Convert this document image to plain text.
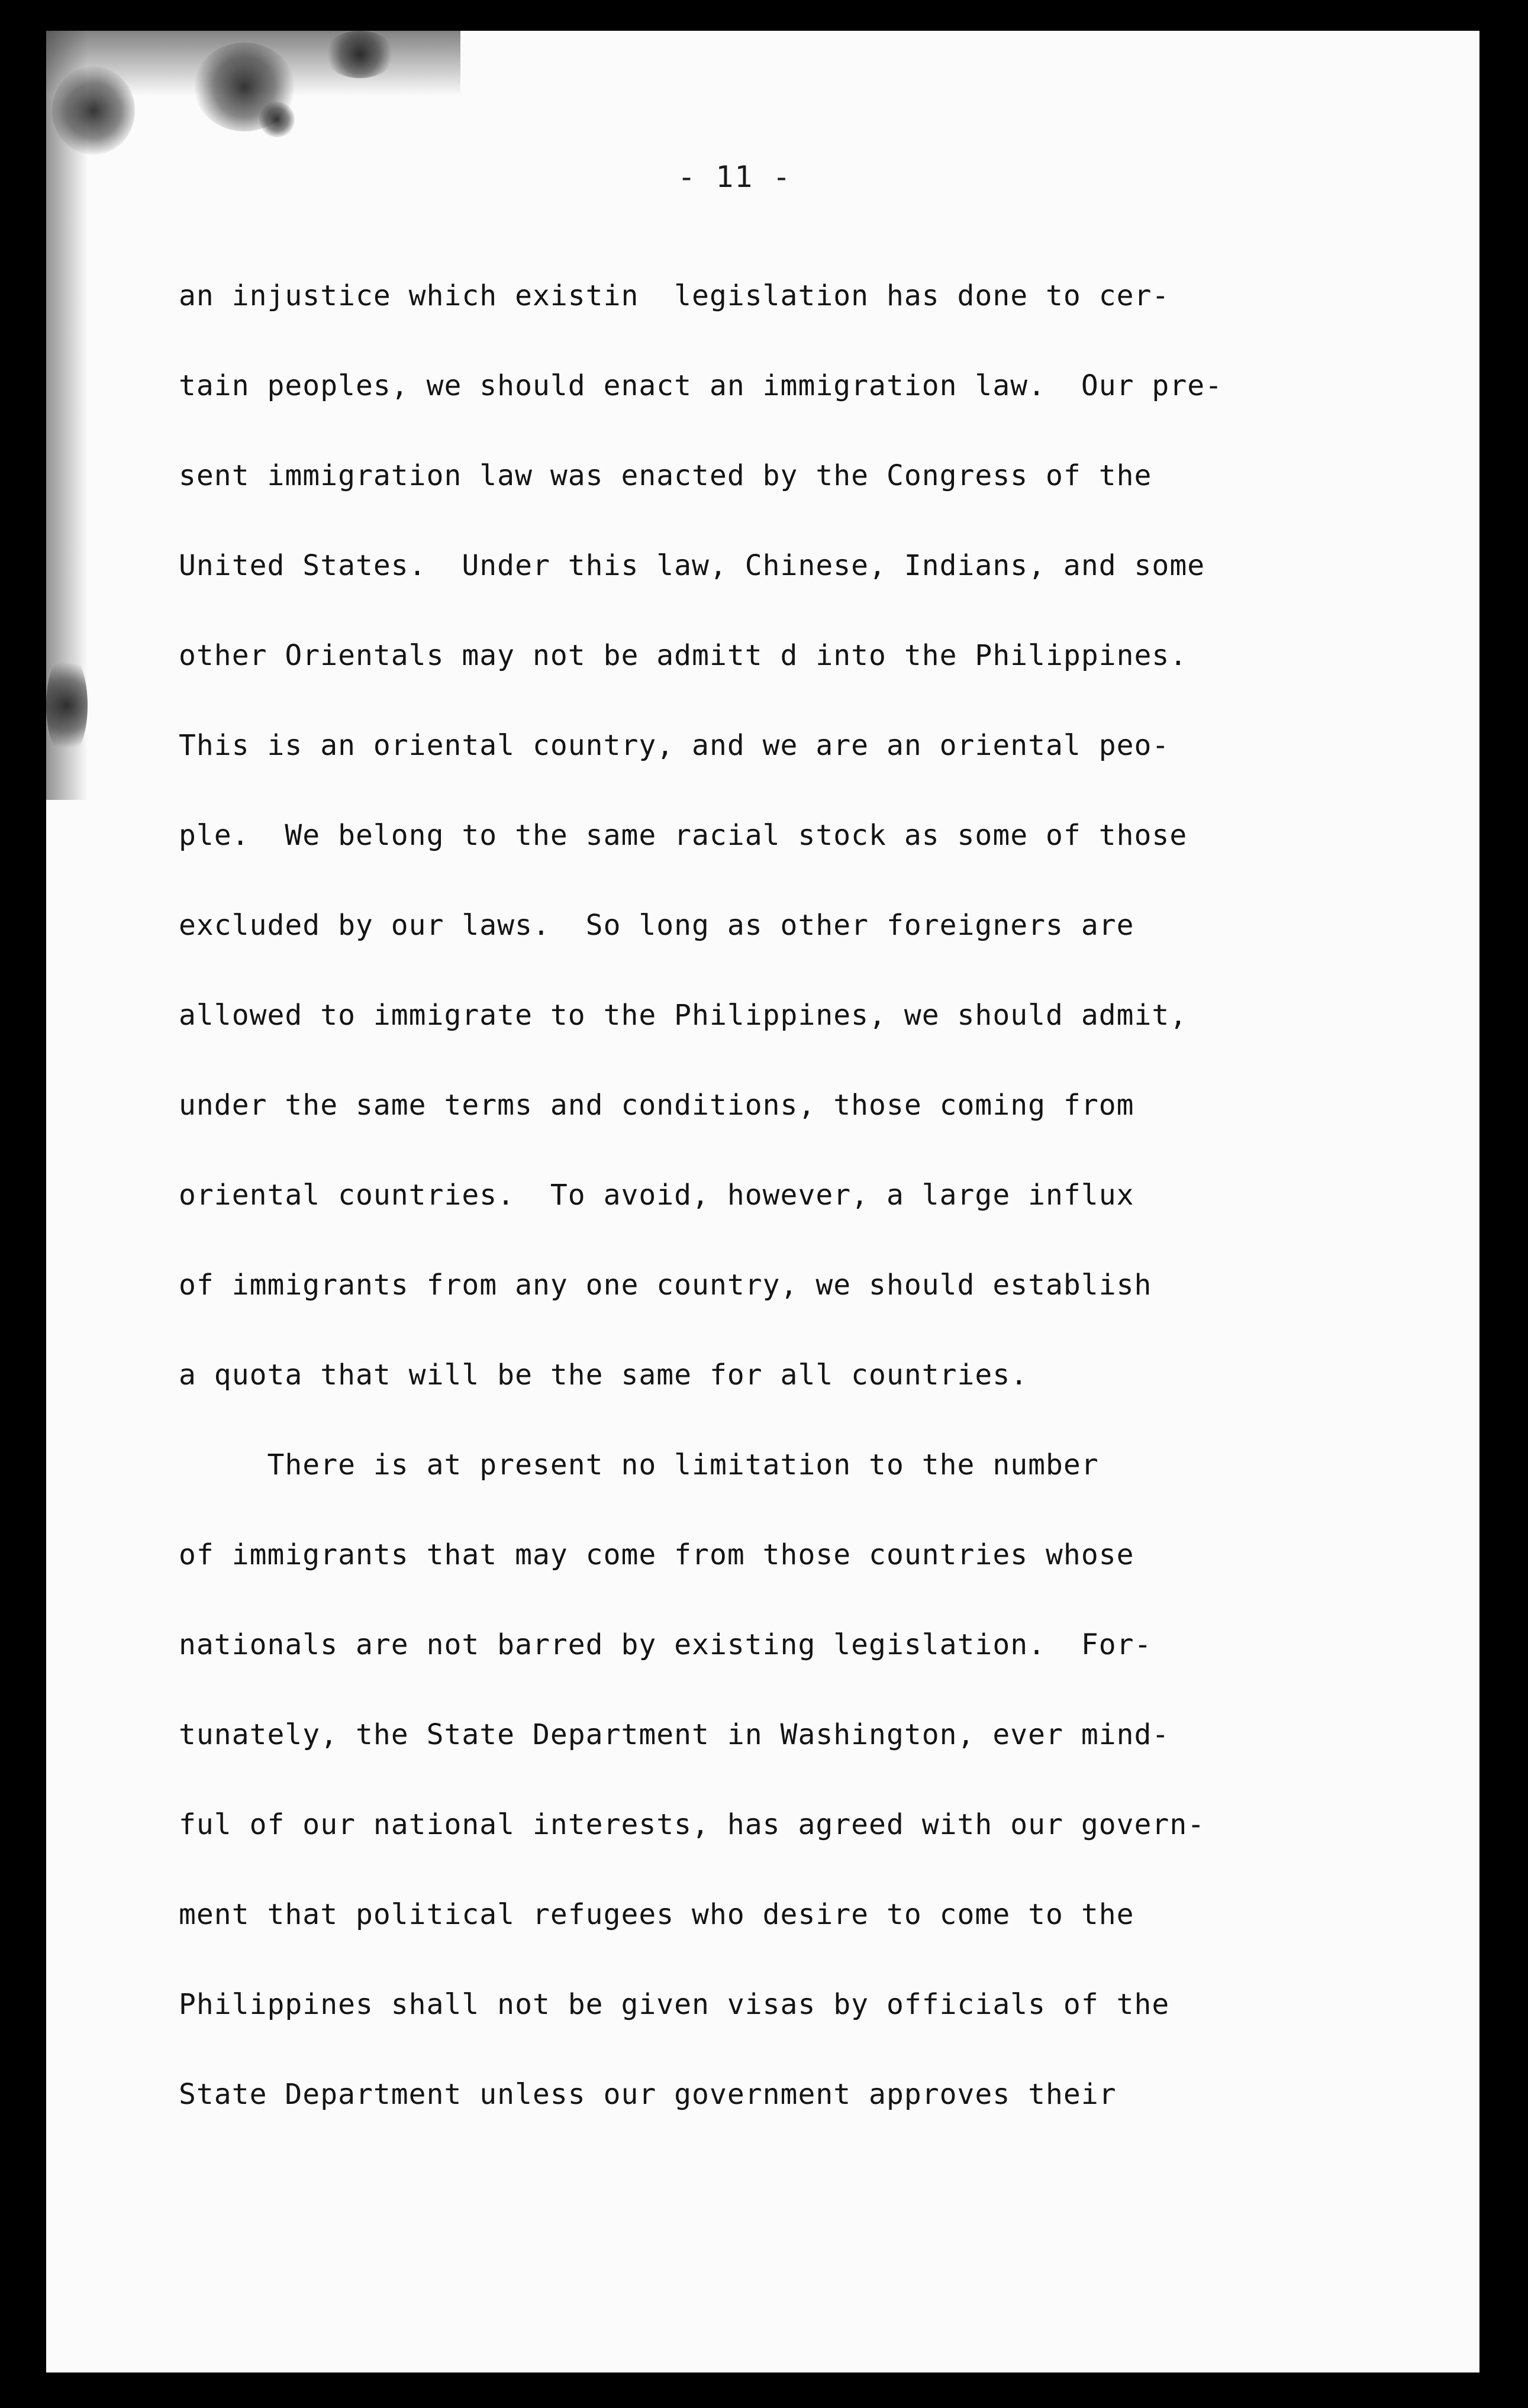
- 11 -
an injustice which existin  legislation has done to cer-
tain peoples, we should enact an immigration law.  Our pre-
sent immigration law was enacted by the Congress of the
United States.  Under this law, Chinese, Indians, and some
other Orientals may not be admitt d into the Philippines.
This is an oriental country, and we are an oriental peo-
ple.  We belong to the same racial stock as some of those
excluded by our laws.  So long as other foreigners are
allowed to immigrate to the Philippines, we should admit,
under the same terms and conditions, those coming from
oriental countries.  To avoid, however, a large influx
of immigrants from any one country, we should establish
a quota that will be the same for all countries.
There is at present no limitation to the number
of immigrants that may come from those countries whose
nationals are not barred by existing legislation.  For-
tunately, the State Department in Washington, ever mind-
ful of our national interests, has agreed with our govern-
ment that political refugees who desire to come to the
Philippines shall not be given visas by officials of the
State Department unless our government approves their
